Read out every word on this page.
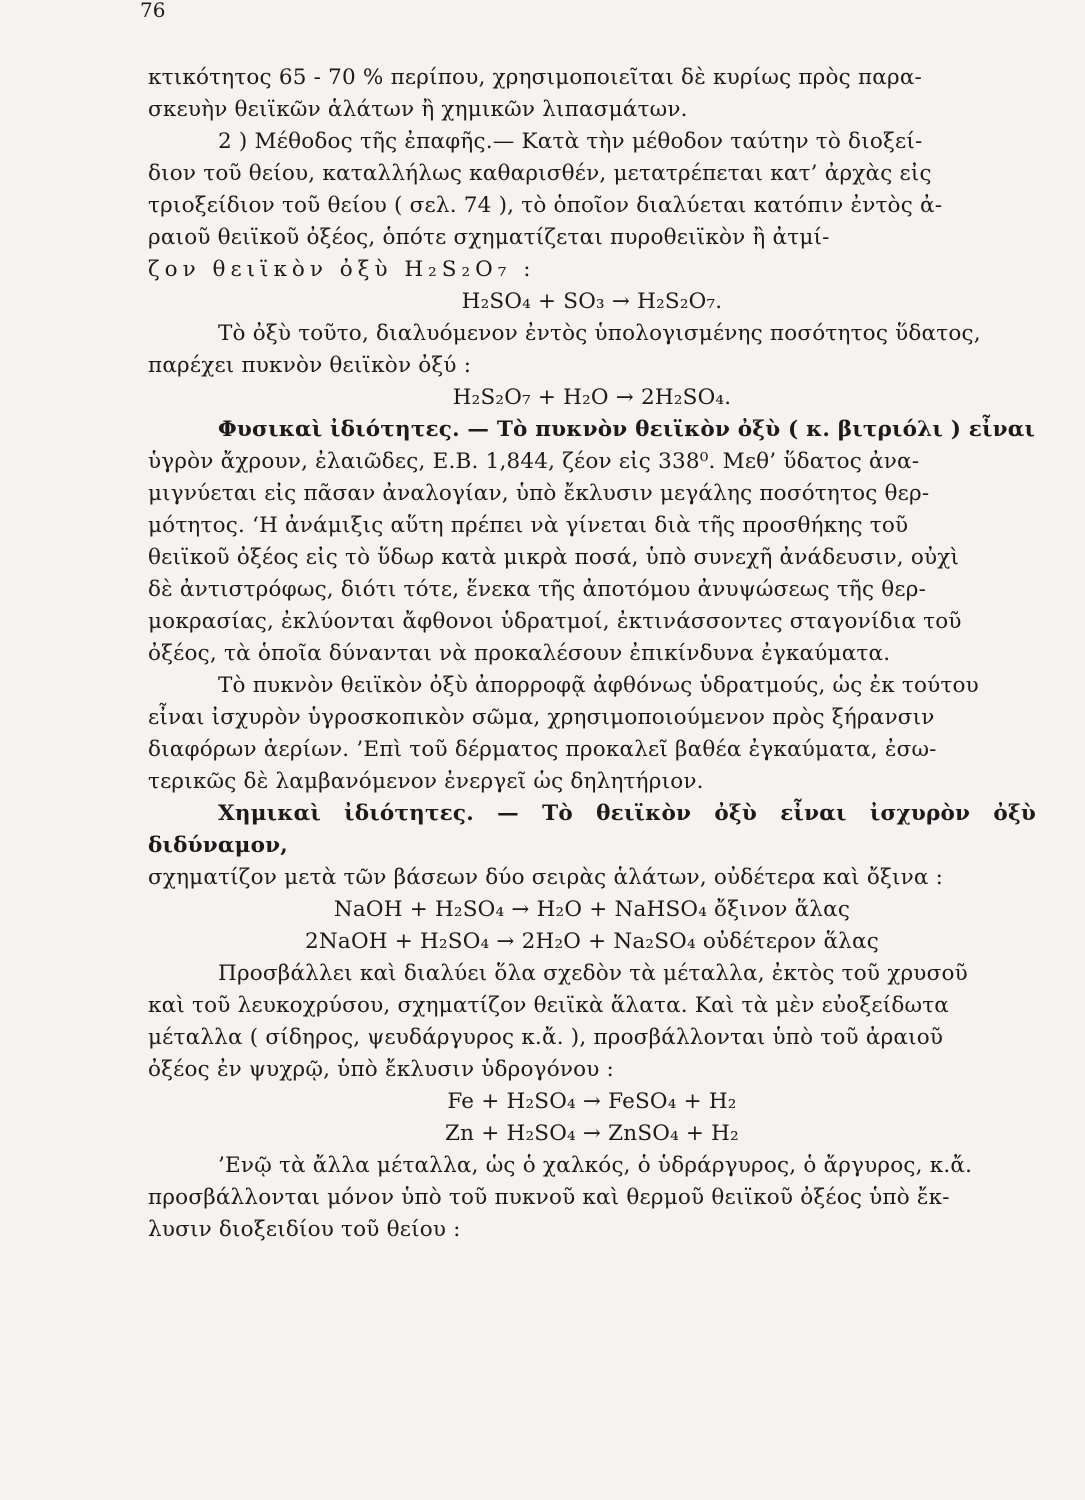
76

κτικότητος 65 - 70 % περίπου, χρησιμοποιεῖται δὲ κυρίως πρὸς παρα-

σκευὴν θειϊκῶν ἁλάτων ἢ χημικῶν λιπασμάτων.

2 ) Μέθοδος τῆς ἐπαφῆς.— Κατὰ τὴν μέθοδον ταύτην τὸ διοξεί-

διον τοῦ θείου, καταλλήλως καθαρισθέν, μετατρέπεται κατ’ ἀρχὰς εἰς

τριοξείδιον τοῦ θείου ( σελ. 74 ), τὸ ὁποῖον διαλύεται κατόπιν ἐντὸς ἀ-

ραιοῦ θειϊκοῦ ὀξέος, ὁπότε σχηματίζεται πυροθειϊκὸν ἢ ἀτμί-

ζον θειϊκὸν ὀξὺ H₂S₂O₇ :

H₂SO₄ + SO₃ → H₂S₂O₇.

Τὸ ὀξὺ τοῦτο, διαλυόμενον ἐντὸς ὑπολογισμένης ποσότητος ὕδατος,

παρέχει πυκνὸν θειϊκὸν ὀξύ :

H₂S₂O₇ + H₂O → 2H₂SO₄.

Φυσικαὶ ἰδιότητες. — Τὸ πυκνὸν θειϊκὸν ὀξὺ ( κ. βιτριόλι ) εἶναι

ὑγρὸν ἄχρουν, ἐλαιῶδες, Ε.Β. 1,844, ζέον εἰς 338⁰. Μεθ’ ὕδατος ἀνα-

μιγνύεται εἰς πᾶσαν ἀναλογίαν, ὑπὸ ἔκλυσιν μεγάλης ποσότητος θερ-

μότητος. ‘Η ἀνάμιξις αὕτη πρέπει νὰ γίνεται διὰ τῆς προσθήκης τοῦ

θειϊκοῦ ὀξέος εἰς τὸ ὕδωρ κατὰ μικρὰ ποσά, ὑπὸ συνεχῆ ἀνάδευσιν, οὐχὶ

δὲ ἀντιστρόφως, διότι τότε, ἕνεκα τῆς ἀποτόμου ἀνυψώσεως τῆς θερ-

μοκρασίας, ἐκλύονται ἄφθονοι ὑδρατμοί, ἐκτινάσσοντες σταγονίδια τοῦ

ὀξέος, τὰ ὁποῖα δύνανται νὰ προκαλέσουν ἐπικίνδυνα ἐγκαύματα.

Τὸ πυκνὸν θειϊκὸν ὀξὺ ἀπορροφᾷ ἀφθόνως ὑδρατμούς, ὡς ἐκ τούτου

εἶναι ἰσχυρὸν ὑγροσκοπικὸν σῶμα, χρησιμοποιούμενον πρὸς ξήρανσιν

διαφόρων ἀερίων. ’Επὶ τοῦ δέρματος προκαλεῖ βαθέα ἐγκαύματα, ἐσω-

τερικῶς δὲ λαμβανόμενον ἐνεργεῖ ὡς δηλητήριον.

Χημικαὶ ἰδιότητες. — Τὸ θειϊκὸν ὀξὺ εἶναι ἰσχυρὸν ὀξὺ διδύναμον,

σχηματίζον μετὰ τῶν βάσεων δύο σειρὰς ἁλάτων, οὐδέτερα καὶ ὄξινα :

NaOH + H₂SO₄ → H₂O + NaHSO₄ ὄξινον ἅλας

2NaOH + H₂SO₄ → 2H₂O + Na₂SO₄ οὐδέτερον ἅλας

Προσβάλλει καὶ διαλύει ὅλα σχεδὸν τὰ μέταλλα, ἐκτὸς τοῦ χρυσοῦ

καὶ τοῦ λευκοχρύσου, σχηματίζον θειϊκὰ ἅλατα. Καὶ τὰ μὲν εὐοξείδωτα

μέταλλα ( σίδηρος, ψευδάργυρος κ.ἄ. ), προσβάλλονται ὑπὸ τοῦ ἀραιοῦ

ὀξέος ἐν ψυχρῷ, ὑπὸ ἔκλυσιν ὑδρογόνου :

Fe + H₂SO₄ → FeSO₄ + H₂

Zn + H₂SO₄ → ZnSO₄ + H₂

’Ενῷ τὰ ἄλλα μέταλλα, ὡς ὁ χαλκός, ὁ ὑδράργυρος, ὁ ἄργυρος, κ.ἄ.

προσβάλλονται μόνον ὑπὸ τοῦ πυκνοῦ καὶ θερμοῦ θειϊκοῦ ὀξέος ὑπὸ ἔκ-

λυσιν διοξειδίου τοῦ θείου :
